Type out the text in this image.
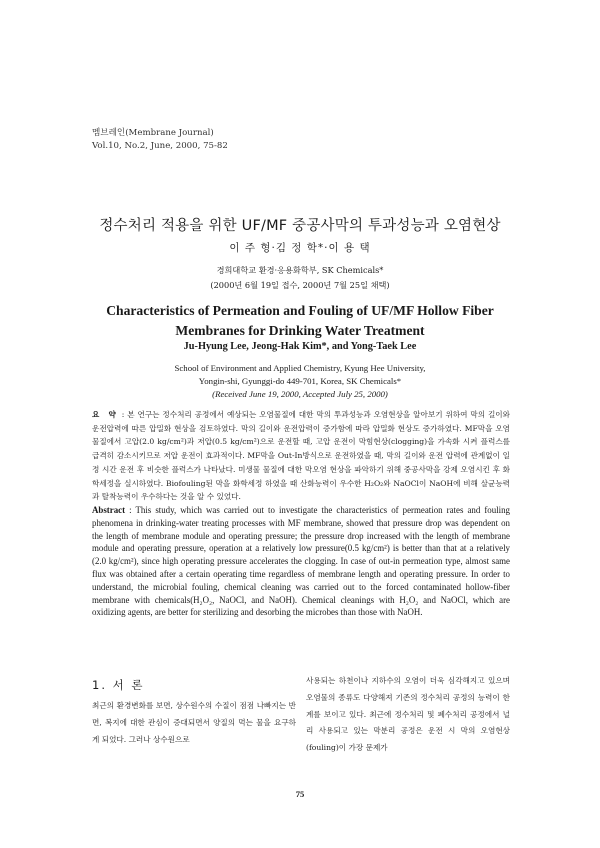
멤브레인(Membrane Journal)
Vol.10, No.2, June, 2000, 75-82
정수처리 적용을 위한 UF/MF 중공사막의 투과성능과 오염현상
이 주 형·김 정 학*·이 용 택
경희대학교 환경·응용화학부, SK Chemicals*
(2000년 6월 19일 접수, 2000년 7월 25일 채택)
Characteristics of Permeation and Fouling of UF/MF Hollow Fiber
Membranes for Drinking Water Treatment
Ju-Hyung Lee, Jeong-Hak Kim*, and Yong-Taek Lee
School of Environment and Applied Chemistry, Kyung Hee University,
Yongin-shi, Gyunggi-do 449-701, Korea, SK Chemicals*
(Received June 19, 2000, Accepted July 25, 2000)
요 약 : 본 연구는 정수처리 공정에서 예상되는 오염물질에 대한 막의 투과성능과 오염현상을 알아보기 위하여 막의 길이와 운전압력에 따른 압밀화 현상을 검토하였다. 막의 길이와 운전압력이 증가함에 따라 압밀화 현상도 증가하였다. MF막을 오염물질에서 고압(2.0 kg/cm²)과 저압(0.5 kg/cm²)으로 운전할 때, 고압 운전이 막힘현상(clogging)을 가속화 시켜 플럭스를 급격히 감소시키므로 저압 운전이 효과적이다. MF막을 Out-In방식으로 운전하였을 때, 막의 길이와 운전 압력에 관계없이 일정 시간 운전 후 비슷한 플럭스가 나타났다. 미생물 물질에 대한 막오염 현상을 파악하기 위해 중공사막을 강제 오염시킨 후 화학세정을 실시하였다. Biofouling된 막을 화학세정 하였을 때 산화능력이 우수한 H₂O₂와 NaOCl이 NaOH에 비해 살균능력과 탈착능력이 우수하다는 것을 알 수 있었다.
Abstract : This study, which was carried out to investigate the characteristics of permeation rates and fouling phenomena in drinking-water treating processes with MF membrane, showed that pressure drop was dependent on the length of membrane module and operating pressure; the pressure drop increased with the length of membrane module and operating pressure, operation at a relatively low pressure(0.5 kg/cm²) is better than that at a relatively (2.0 kg/cm²), since high operating pressure accelerates the clogging. In case of out-in permeation type, almost same flux was obtained after a certain operating time regardless of membrane length and operating pressure. In order to understand, the microbial fouling, chemical cleaning was carried out to the forced contaminated hollow-fiber membrane with chemicals(H₂O₂, NaOCl, and NaOH). Chemical cleanings with H₂O₂ and NaOCl, which are oxidizing agents, are better for sterilizing and desorbing the microbes than those with NaOH.
1. 서 론
최근의 환경변화를 보면, 상수원수의 수질이 점점 나빠지는 반면, 복지에 대한 관심이 증대되면서 양질의 먹는 물을 요구하게 되었다. 그러나 상수원으로
사용되는 하천이나 지하수의 오염이 더욱 심각해지고 있으며 오염물의 종류도 다양해져 기존의 정수처리 공정의 능력이 한계를 보이고 있다. 최근에 정수처리 및 폐수처리 공정에서 널리 사용되고 있는 막분리 공정은 운전 시 막의 오염현상(fouling)이 가장 문제가
75
